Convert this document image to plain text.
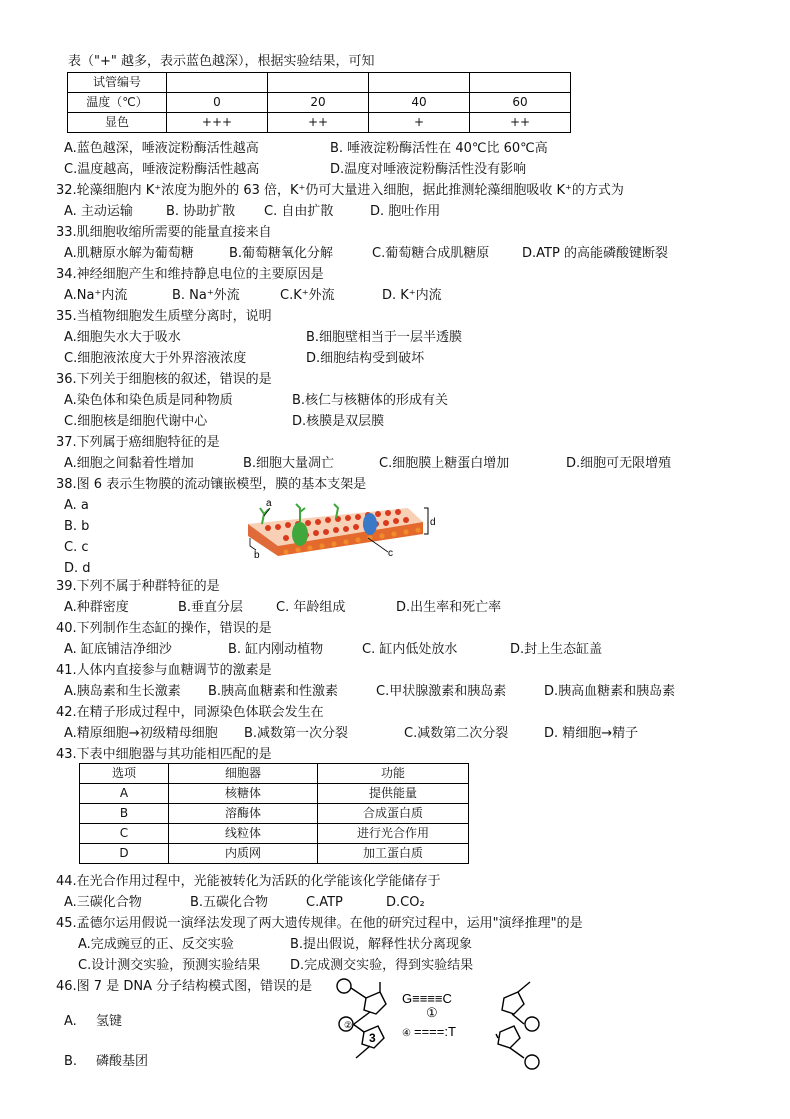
表（"+" 越多，表示蓝色越深），根据实验结果，可知
试管编号				
温度（℃）	0	20	40	60
显色	+++	++	+	++
A.蓝色越深，唾液淀粉酶活性越高	B. 唾液淀粉酶活性在 40℃比 60℃高
C.温度越高，唾液淀粉酶活性越高	D.温度对唾液淀粉酶活性没有影响
32.轮藻细胞内 K⁺浓度为胞外的 63 倍，K⁺仍可大量进入细胞，据此推测轮藻细胞吸收 K⁺的方式为
A. 主动运输	B. 协助扩散 C. 自由扩散	D. 胞吐作用
33.肌细胞收缩所需要的能量直接来自
A.肌糖原水解为葡萄糖	B.葡萄糖氧化分解	C.葡萄糖合成肌糖原	D.ATP 的高能磷酸键断裂
34.神经细胞产生和维持静息电位的主要原因是
A.Na⁺内流	B. Na⁺外流	C.K⁺外流	D. K⁺内流
35.当植物细胞发生质壁分离时，说明
A.细胞失水大于吸水	B.细胞壁相当于一层半透膜
C.细胞液浓度大于外界溶液浓度	D.细胞结构受到破坏
36.下列关于细胞核的叙述，错误的是
A.染色体和染色质是同种物质	B.核仁与核糖体的形成有关
C.细胞核是细胞代谢中心	D.核膜是双层膜
37.下列属于癌细胞特征的是
A.细胞之间黏着性增加	B.细胞大量凋亡	C.细胞膜上糖蛋白增加	D.细胞可无限增殖
38.图 6 表示生物膜的流动镶嵌模型，膜的基本支架是
A. a
B. b
C. c
D. d
d
a
b	c
39.下列不属于种群特征的是
A.种群密度	B.垂直分层	C. 年龄组成	D.出生率和死亡率
40.下列制作生态缸的操作，错误的是
A. 缸底铺洁净细沙	B. 缸内刚动植物	C. 缸内低处放水	D.封上生态缸盖
41.人体内直接参与血糖调节的激素是
A.胰岛素和生长激素 B.胰高血糖素和性激素	C.甲状腺激素和胰岛素	D.胰高血糖素和胰岛素
42.在精子形成过程中，同源染色体联会发生在
A.精原细胞→初级精母细胞 B.减数第一次分裂	C.减数第二次分裂	D. 精细胞→精子
43.下表中细胞器与其功能相匹配的是
选项	细胞器	功能
A	核糖体	提供能量
B	溶酶体	合成蛋白质
C	线粒体	进行光合作用
D	内质网	加工蛋白质
44.在光合作用过程中，光能被转化为活跃的化学能该化学能储存于
A.三碳化合物	B.五碳化合物	C.ATP	D.CO₂
45.孟德尔运用假说一演绎法发现了两大遗传规律。在他的研究过程中，运用"演绎推理"的是
A.完成豌豆的正、反交实验	B.提出假说，解释性状分离现象
C.设计测交实验，预测实验结果 D.完成测交实验，得到实验结果
46.图 7 是 DNA 分子结构模式图，错误的是
A. 氢键
B. 磷酸基团
G≡≡≡≡C
①
②
3	④ ====:T
